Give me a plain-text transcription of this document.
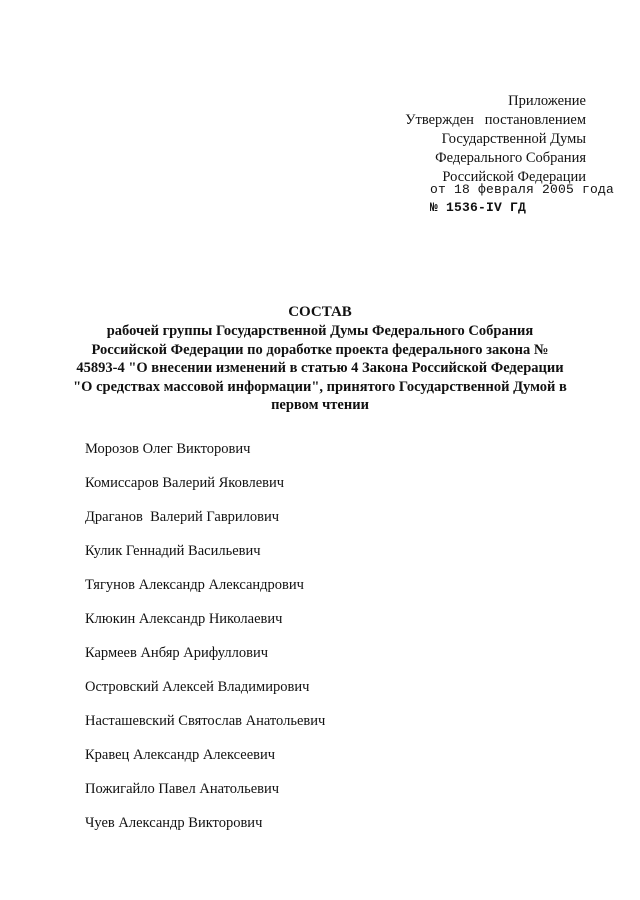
Приложение
Утвержден   постановлением
Государственной Думы
Федерального Собрания
Российской Федерации
от 18 февраля 2005 года
№ 1536-IV ГД
СОСТАВ
рабочей группы Государственной Думы Федерального Собрания Российской Федерации по доработке проекта федерального закона № 45893-4 "О внесении изменений в статью 4 Закона Российской Федерации "О средствах массовой информации", принятого Государственной Думой в первом чтении
Морозов Олег Викторович
Комиссаров Валерий Яковлевич
Драганов  Валерий Гаврилович
Кулик Геннадий Васильевич
Тягунов Александр Александрович
Клюкин Александр Николаевич
Кармеев Анбяр Арифуллович
Островский Алексей Владимирович
Насташевский Святослав Анатольевич
Кравец Александр Алексеевич
Пожигайло Павел Анатольевич
Чуев Александр Викторович
